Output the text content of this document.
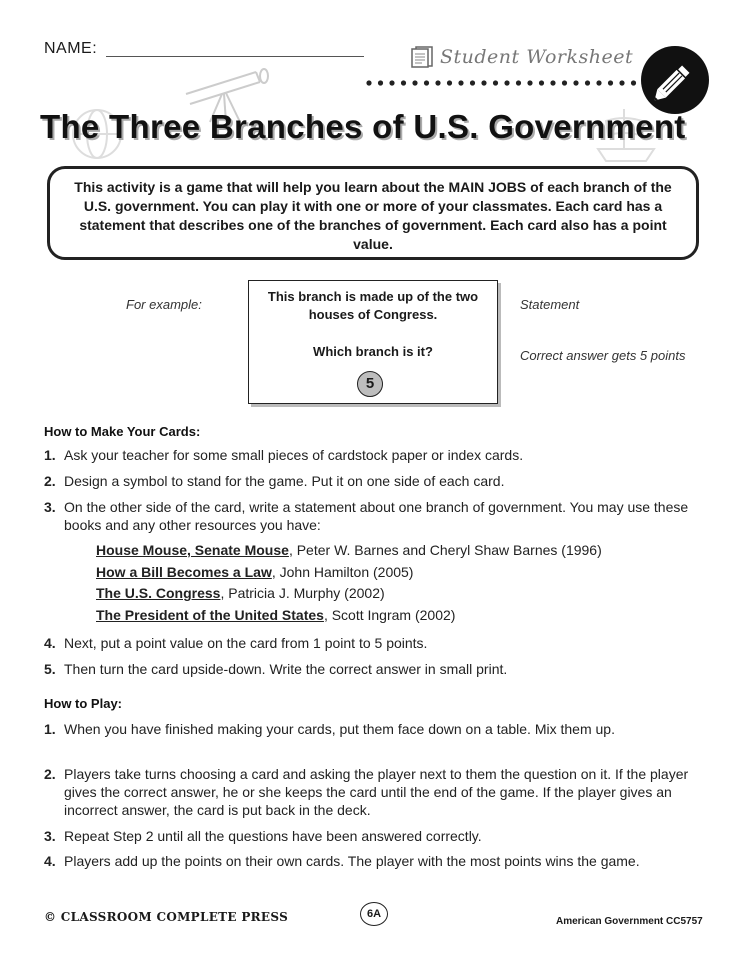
NAME:	Student Worksheet
The Three Branches of U.S. Government
This activity is a game that will help you learn about the MAIN JOBS of each branch of the U.S. government. You can play it with one or more of your classmates. Each card has a statement that describes one of the branches of government. Each card also has a point value.
For example:
This branch is made up of the two houses of Congress.
Which branch is it?
5
Statement
Correct answer gets 5 points
How to Make Your Cards:
1. Ask your teacher for some small pieces of cardstock paper or index cards.
2. Design a symbol to stand for the game. Put it on one side of each card.
3. On the other side of the card, write a statement about one branch of government. You may use these books and any other resources you have:
House Mouse, Senate Mouse, Peter W. Barnes and Cheryl Shaw Barnes (1996)
How a Bill Becomes a Law, John Hamilton (2005)
The U.S. Congress, Patricia J. Murphy (2002)
The President of the United States, Scott Ingram (2002)
4. Next, put a point value on the card from 1 point to 5 points.
5. Then turn the card upside-down. Write the correct answer in small print.
How to Play:
1. When you have finished making your cards, put them face down on a table. Mix them up.
2. Players take turns choosing a card and asking the player next to them the question on it. If the player gives the correct answer, he or she keeps the card until the end of the game. If the player gives an incorrect answer, the card is put back in the deck.
3. Repeat Step 2 until all the questions have been answered correctly.
4. Players add up the points on their own cards. The player with the most points wins the game.
© CLASSROOM COMPLETE PRESS	6A
American Government CC5757
